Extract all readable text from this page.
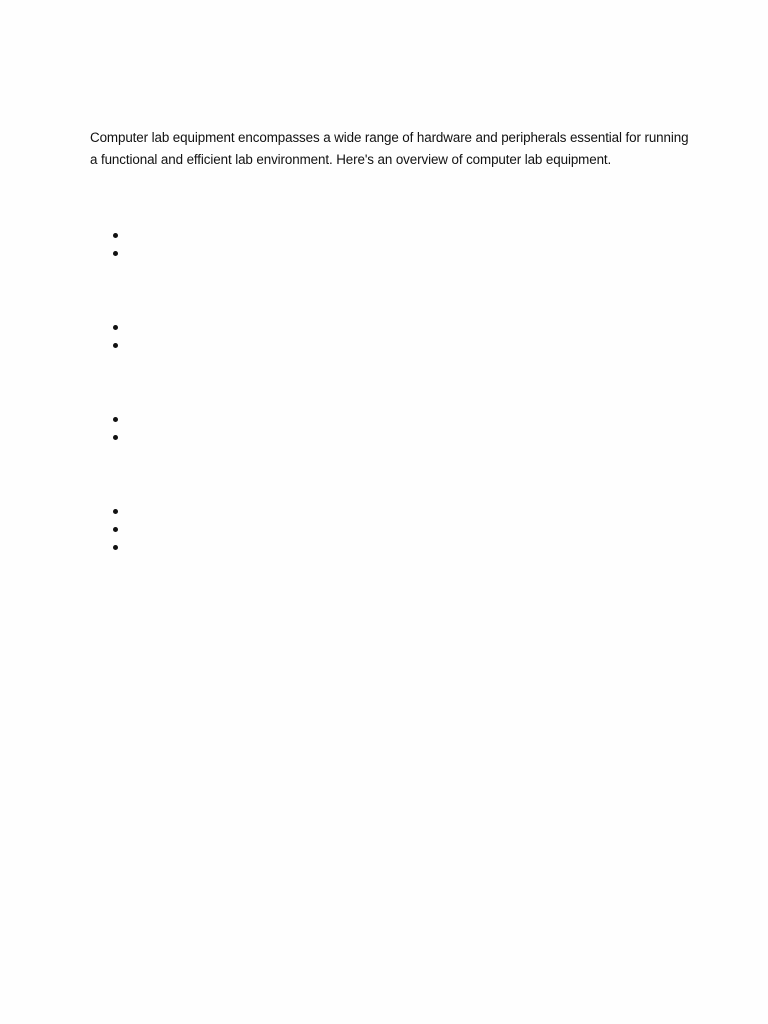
Computer lab equipment encompasses a wide range of hardware and peripherals essential for running a functional and efficient lab environment. Here's an overview of computer lab equipment.
